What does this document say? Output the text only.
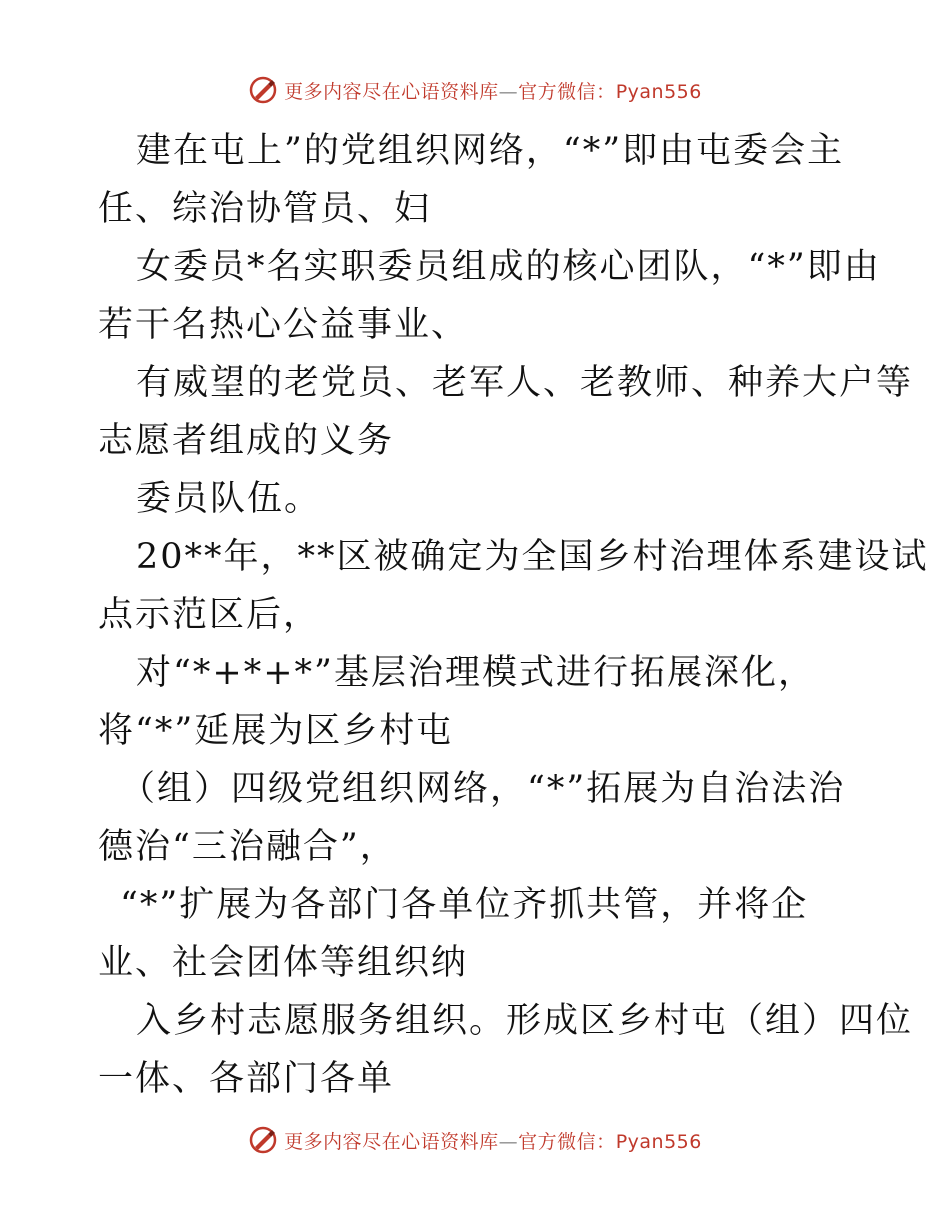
更多内容尽在心语资料库—官方微信：Pyan556
建在屯上”的党组织网络，“*”即由屯委会主
任、综治协管员、妇
女委员*名实职委员组成的核心团队，“*”即由
若干名热心公益事业、
有威望的老党员、老军人、老教师、种养大户等
志愿者组成的义务
委员队伍。
20**年，**区被确定为全国乡村治理体系建设试
点示范区后，
对“*+*+*”基层治理模式进行拓展深化，
将“*”延展为区乡村屯
（组）四级党组织网络，“*”拓展为自治法治
德治“三治融合”，
“*”扩展为各部门各单位齐抓共管，并将企
业、社会团体等组织纳
入乡村志愿服务组织。形成区乡村屯（组）四位
一体、各部门各单
更多内容尽在心语资料库—官方微信：Pyan556
